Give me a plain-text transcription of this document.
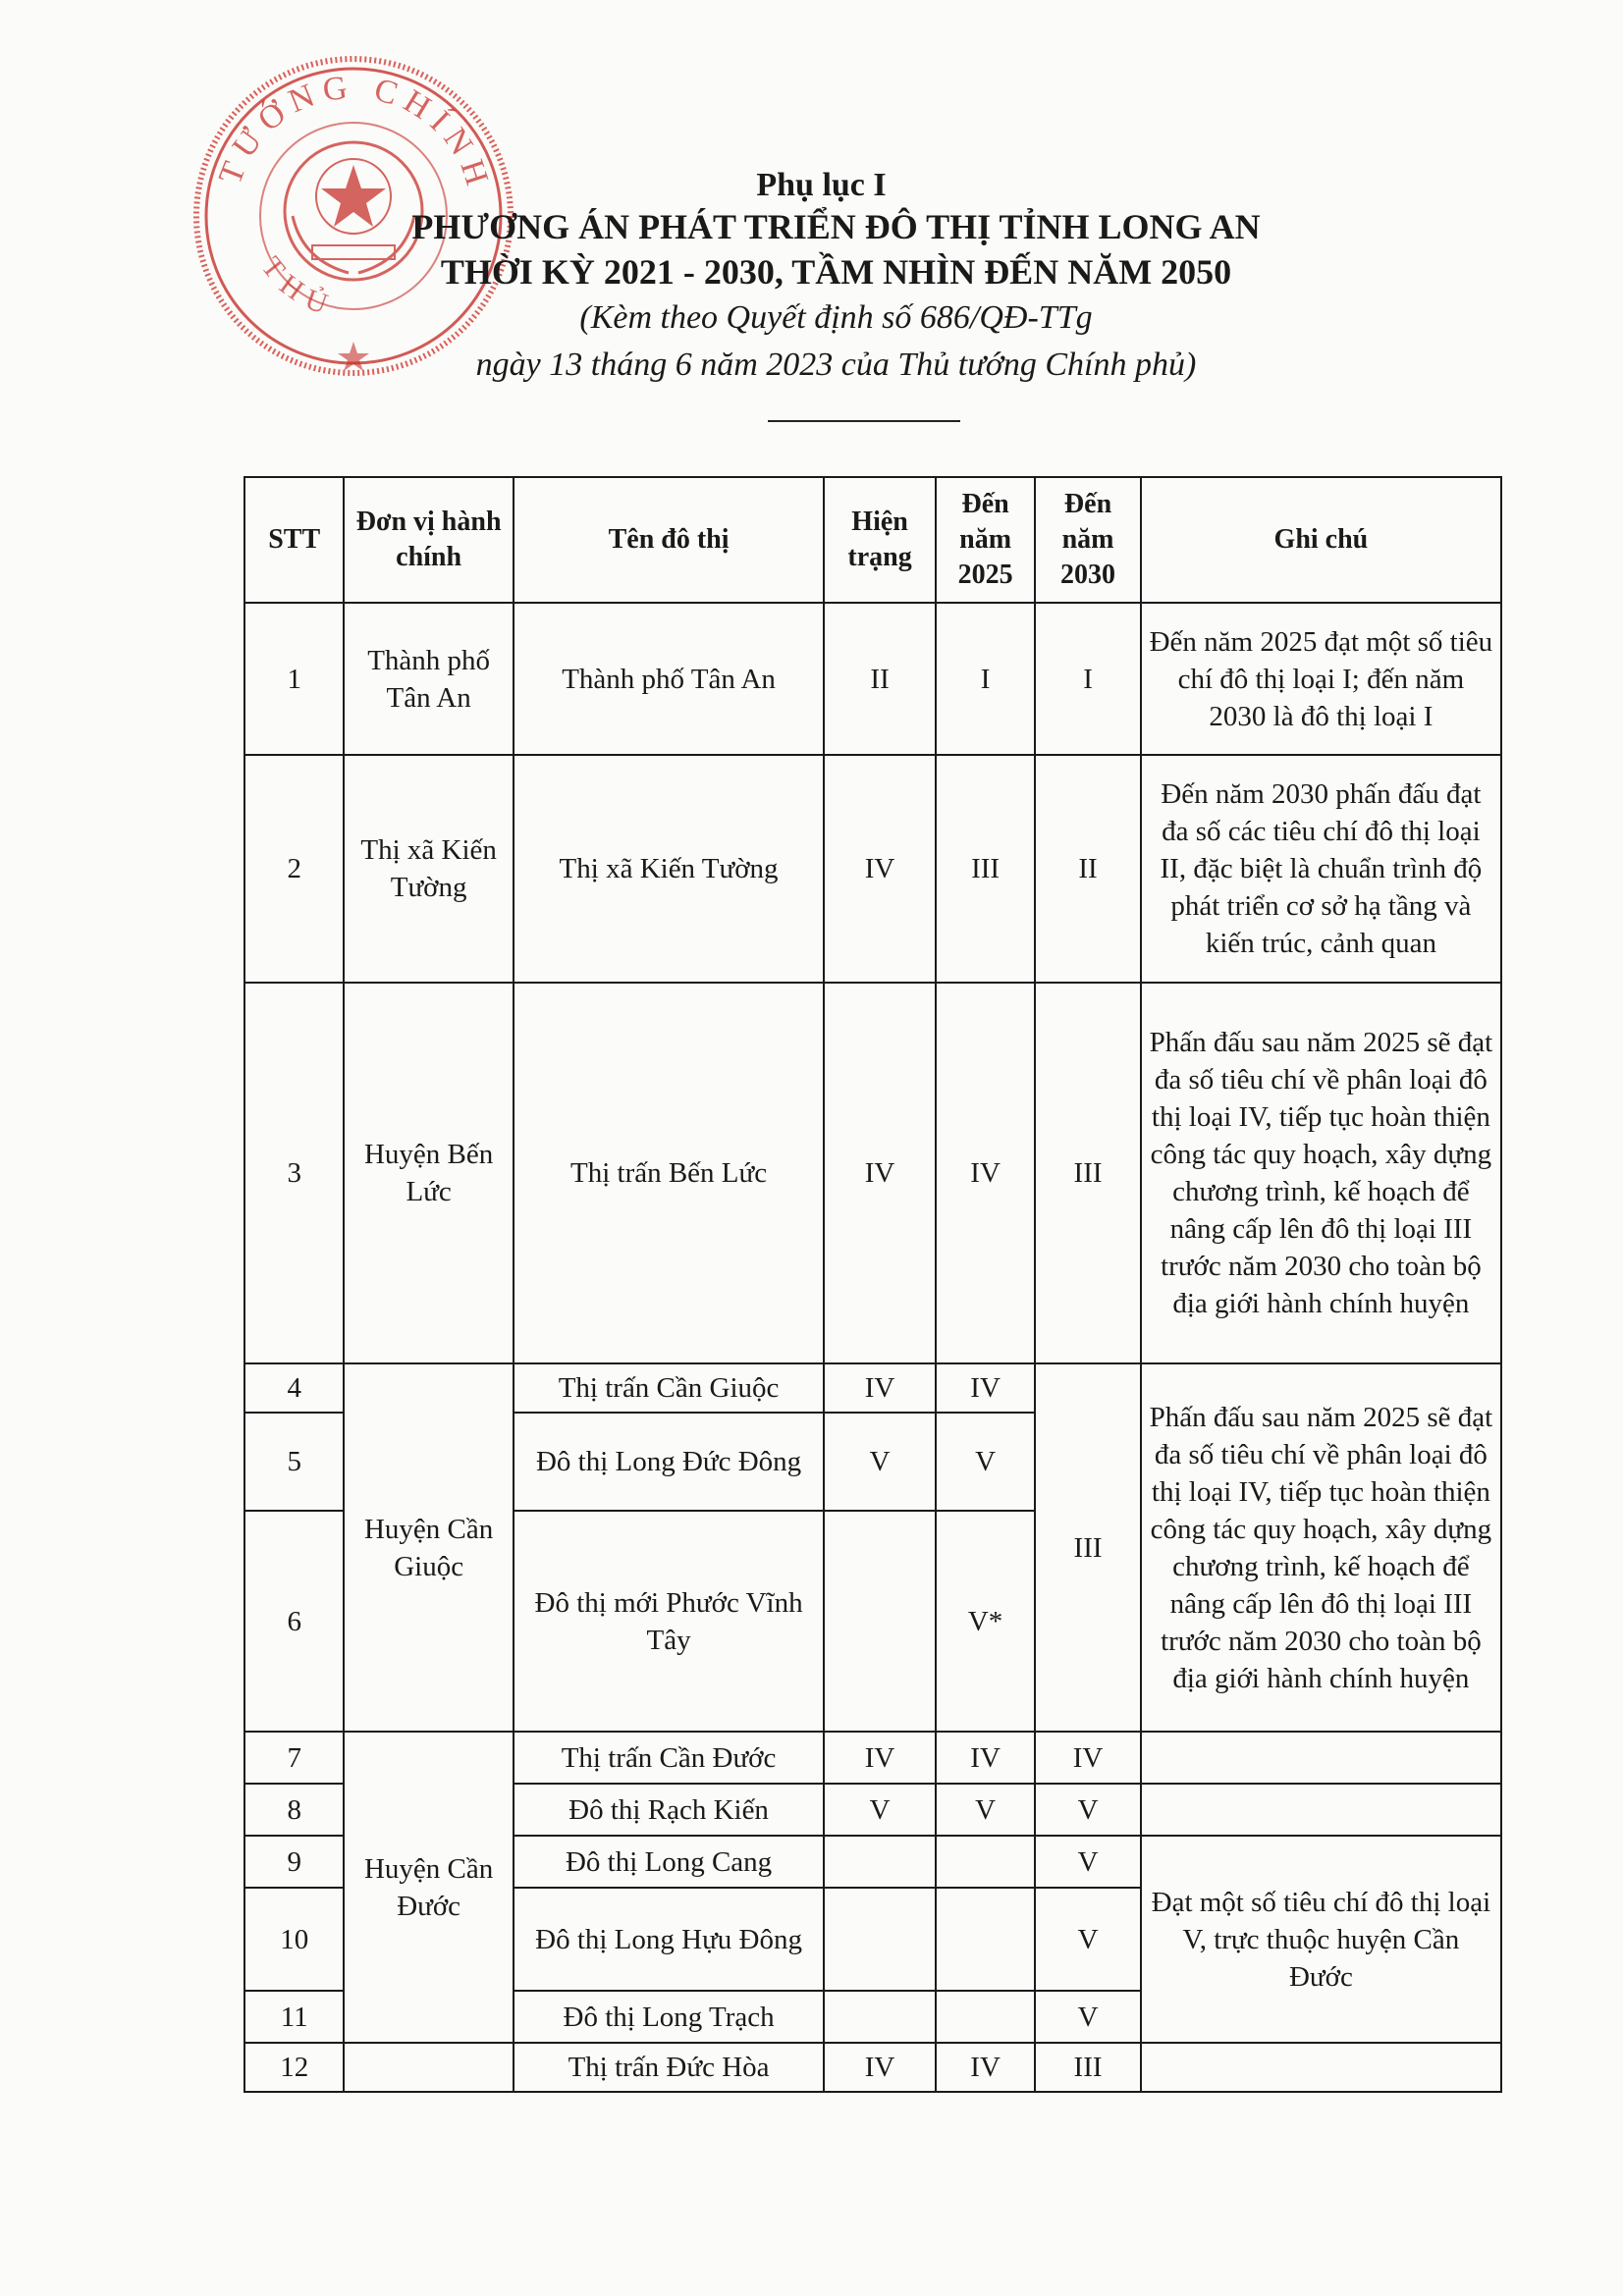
TƯỚNG CHÍNH
THỦ
Phụ lục I
PHƯƠNG ÁN PHÁT TRIỂN ĐÔ THỊ TỈNH LONG AN
THỜI KỲ 2021 - 2030, TẦM NHÌN ĐẾN NĂM 2050
(Kèm theo Quyết định số 686/QĐ-TTg
ngày 13 tháng 6 năm 2023 của Thủ tướng Chính phủ)
STT	Đơn vị hành chính	Tên đô thị	Hiện trạng	Đến năm 2025	Đến năm 2030	Ghi chú
1	Thành phố Tân An	Thành phố Tân An	II	I	I	Đến năm 2025 đạt một số tiêu chí đô thị loại I; đến năm 2030 là đô thị loại I
2	Thị xã Kiến Tường	Thị xã Kiến Tường	IV	III	II	Đến năm 2030 phấn đấu đạt đa số các tiêu chí đô thị loại II, đặc biệt là chuẩn trình độ phát triển cơ sở hạ tầng và kiến trúc, cảnh quan
3	Huyện Bến Lức	Thị trấn Bến Lức	IV	IV	III	Phấn đấu sau năm 2025 sẽ đạt đa số tiêu chí về phân loại đô thị loại IV, tiếp tục hoàn thiện công tác quy hoạch, xây dựng chương trình, kế hoạch để nâng cấp lên đô thị loại III trước năm 2030 cho toàn bộ địa giới hành chính huyện
4	Huyện Cần Giuộc	Thị trấn Cần Giuộc	IV	IV	III	Phấn đấu sau năm 2025 sẽ đạt đa số tiêu chí về phân loại đô thị loại IV, tiếp tục hoàn thiện công tác quy hoạch, xây dựng chương trình, kế hoạch để nâng cấp lên đô thị loại III trước năm 2030 cho toàn bộ địa giới hành chính huyện
5		Đô thị Long Đức Đông	V	V		
6		Đô thị mới Phước Vĩnh Tây		V*		
7	Huyện Cần Đước	Thị trấn Cần Đước	IV	IV	IV	
8		Đô thị Rạch Kiến	V	V	V	
9		Đô thị Long Cang			V	Đạt một số tiêu chí đô thị loại V, trực thuộc huyện Cần Đước
10		Đô thị Long Hựu Đông			V	
11		Đô thị Long Trạch			V	
12		Thị trấn Đức Hòa	IV	IV	III	
